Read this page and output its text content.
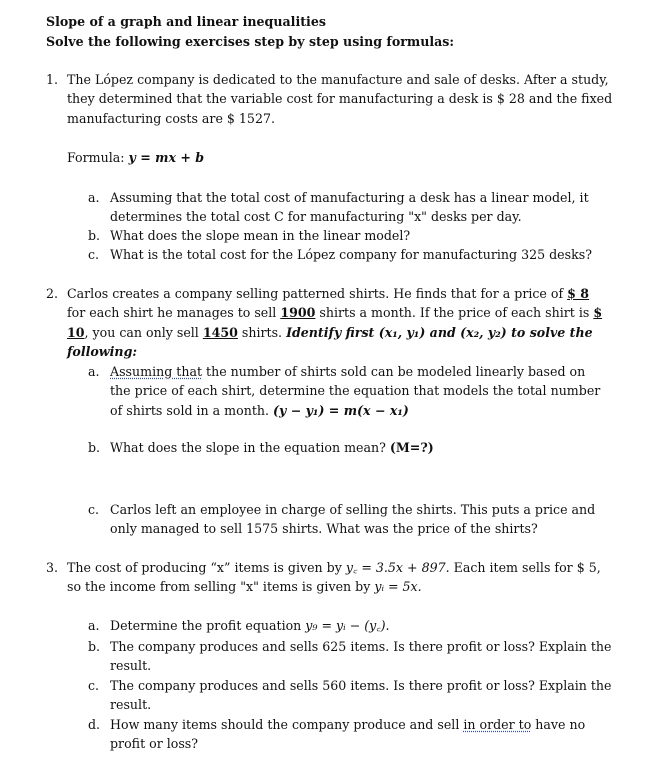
Slope of a graph and linear inequalities
Solve the following exercises step by step using formulas:
1. The López company is dedicated to the manufacture and sale of desks. After a study, they determined that the variable cost for manufacturing a desk is $ 28 and the fixed manufacturing costs are $ 1527.
Formula: y = mx + b
a. Assuming that the total cost of manufacturing a desk has a linear model, it determines the total cost C for manufacturing "x" desks per day.
b. What does the slope mean in the linear model?
c. What is the total cost for the López company for manufacturing 325 desks?
2. Carlos creates a company selling patterned shirts. He finds that for a price of $ 8 for each shirt he manages to sell 1900 shirts a month. If the price of each shirt is $ 10, you can only sell 1450 shirts. Identify first (x₁, y₁) and (x₂, y₂) to solve the following:
a. Assuming that the number of shirts sold can be modeled linearly based on the price of each shirt, determine the equation that models the total number of shirts sold in a month. (y − y₁) = m(x − x₁)
b. What does the slope in the equation mean? (M=?)
c. Carlos left an employee in charge of selling the shirts. This puts a price and only managed to sell 1575 shirts. What was the price of the shirts?
3. The cost of producing “x” items is given by y꜀ = 3.5x + 897. Each item sells for $ 5, so the income from selling "x" items is given by yᵢ = 5x.
a. Determine the profit equation y₉ = yᵢ − (y꜀).
b. The company produces and sells 625 items. Is there profit or loss? Explain the result.
c. The company produces and sells 560 items. Is there profit or loss? Explain the result.
d. How many items should the company produce and sell in order to have no profit or loss?
